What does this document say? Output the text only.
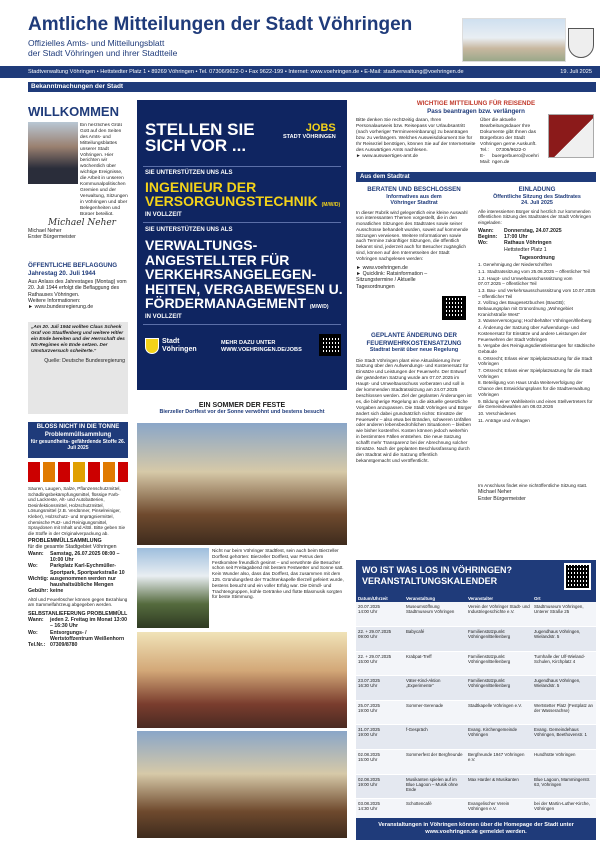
Amtliche Mitteilungen der Stadt Vöhringen
Offizielles Amts- und Mitteilungsblatt
der Stadt Vöhringen und ihrer Stadtteile
Stadtverwaltung Vöhringen • Hettstedter Platz 1 • 89269 Vöhringen • Tel. 07306/9622-0 • Fax 9622-199 • Internet: www.voehringen.de • E-Mail: stadtverwaltung@voehringen.de	19. Juli 2025
Bekanntmachungen der Stadt
WILLKOMMEN
Ein herzliches Grüß Gott auf den Seiten des Amts- und Mitteilungsblattes unserer Stadt Vöhringen. Hier berichten wir wöchentlich über wichtige Ereignisse, die Arbeit in unseren Kommunalpolitischen Gremien und der Verwaltung, Sitzungen in Vöhringen und über Belegenheiten und Bürger beteiligt,
Michael Neher
Michael Neher
Erster Bürgermeister
ÖFFENTLICHE BEFLAGGUNG
Jahrestag 20. Juli 1944
Aus Anlass des Jahrestages (Montag) vom 20. Juli 1944 erfolgt die Beflaggung des Rathauses Vöhringen.
Weitere Informationen:
► www.bundesregierung.de
„Am 20. Juli 1944 wollten Claus Schenk Graf von Stauffenberg und weitere Hitler ein Ende bereiten und der Herrschaft des NS-Regimes ein Ende setzen. Der Umsturzversuch scheiterte.“
Quelle: Deutsche Bundesregierung
BLOSS NICHT IN DIE TONNE
Problemmüllsammlung
für gesundheits- gefährdende Stoffe 26. Juli 2025
Säuren, Laugen, Salze, Pflanzenschutzmittel, Schädlingsbekämpfungsmittel, flüssige Farb- und Lackreste, Alt- und Autobatterien, Desinfektionsmittel, Holzschutzmittel, Lösungsmittel (z.B. Verdünner, Pinselreiniger, Kleber), Holzschutz- und Imprägniermittel, chemische Putz- und Reinigungsmittel, Spraydosen mit Inhalt und Altöl. Bitte geben Sie die Stoffe in der Originalverpackung ab.
PROBLEMMÜLLSAMMLUNG
für die gesamte Stadtgebiet Vöhringen
Wann:	Samstag, 26.07.2025 08:00 – 10:00 Uhr
Wo:	Parkplatz Karl-Eychmüller-Sportpark, Sportparkstraße 10
Wichtig: ausgenommen werden nur haushaltsübliche Mengen
Gebühr: keine
Altöl und Feuerlöscher können gegen Bezahlung am Sammelfahrzeug abgegeben werden.
SELBSTANLIEFERUNG PROBLEMMÜLL
Wann:	jeden 2. Freitag im Monat 13:00 – 16:30 Uhr
Wo:	Entsorgungs- / Wertstoffzentrum Weißenhorn
Tel.Nr.: 07309/8780
STELLEN SIE
SICH VOR ...
JOBS
STADT VÖHRINGEN
SIE UNTERSTÜTZEN UNS ALS
INGENIEUR DER
VERSORGUNGSTECHNIK (M/W/D)
IN VOLLZEIT
SIE UNTERSTÜTZEN UNS ALS
VERWALTUNGS-
ANGESTELLTER FÜR
VERKEHRSANGELEGEN-
HEITEN, VERGABEWESEN U.
FÖRDERMANAGEMENT (M/W/D)
IN VOLLZEIT
Stadt
Vöhringen
MEHR DAZU UNTER
WWW.VOEHRINGEN.DE/JOBS
EIN SOMMER DER FESTE
Bierzeller Dorffest vor der Sonne verwöhnt und bestens besucht
Nicht nur beim Vöhringer Stadtfest, sein auch beim Bierzeller Dorffest gehörten: Bierzeller Dorffest, war Petrus dem Festkomitee freundlich gesinnt – und verwöhnte die Besucher schon seit Freitagabend mit bestem Festwetter und Sonne satt. Kein Wunder also, dass das Dorffest, das zusammen mit dem 125. Gründungsfest der Trachtenkapelle Illerzell gefeiert wurde, bestens besucht und ein voller Erfolg war. Die Dirndl- und Trachtengruppen, kühle Getränke und flotte Blasmusik sorgten für beste Stimmung.
WICHTIGE MITTEILUNG FÜR REISENDE
Pass beantragen bzw. verlängern
Bitte denken Sie rechtzeitig daran, Ihren Personalausweis bzw. Reisepass vor Urlaubsantritt (nach vorheriger Terminvereinbarung) zu beantragen bzw. zu verlängern. Welches Ausweisdokument Sie für Ihr Reiseziel benötigen, können Sie auf der Internetseite des Auswärtigen Amts nachlesen.
► www.auswaertiges-amt.de
Über die aktuelle Bearbeitungsdauer Ihre Dokumente gibt Ihnen das Bürgerbüro der Stadt Vöhringen gerne Auskunft.
Tel.:	07306/9622-0
E-Mail:
buergerbuero@voehringen.de
Aus dem Stadtrat
BERATEN UND BESCHLOSSEN
Informatives aus dem
Vöhringer Stadtrat
In dieser Rubrik wird gelegentlich eine kleine Auswahl von interessanten Themen vorgestellt, die in den monatlichen Sitzungen des Stadtrates sowie seiner Ausschüsse behandelt wurden, soweit auf kommende Sitzungen verwiesen. Weitere Informationen sowie auch Termine zukünftiger Sitzungen, die öffentlich bekannt sind, jederzeit auch für Besucher zugänglich sind, können auf den Internetseiten der Stadt Vöhringen nachgelesen werden:
► www.voehringen.de
► Quicklink: Ratsinformation – Sitzungstermine / Aktuelle Tagesordnungen
GEPLANTE ÄNDERUNG DER FEUERWEHRKOSTENSATZUNG
Stadtrat berät über neue Regelung
Die Stadt Vöhringen plant eine Aktualisierung ihrer Satzung über den Aufwendungs- und Kostenersatz für Einsätze und Leistungen der Feuerwehr. Der Entwurf der geänderten Satzung wurde am 07.07.2025 im Haupt- und Umweltausschuss vorberaten und soll in der kommenden Stadtratssitzung am 24.07.2025 beschlossen werden. Ziel der geplanten Änderungen ist es, die bisherige Regelung an die aktuelle gesetzliche Vorgaben anzupassen. Die Stadt Vöhringen und Bürger ändert sich dabei grundsätzlich nichts: Einsätze der Feuerwehr – also etwa bei Bränden, schweren Unfällen oder anderen lebensbedrohlichen Situationen – bleiben wie bisher kostenfrei. Kosten können jedoch weiterhin in bestimmten Fällen entstehen. Die neue Satzung schafft mehr Transparenz bei der Abrechnung solcher Einsätze. Nach der geplanten Beschlussfassung durch den Stadtrat wird die Satzung öffentlich bekanntgemacht und veröffentlicht.
EINLADUNG
Öffentliche Sitzung des Stadtrates
24. Juli 2025
Alle interessierten Bürger sind herzlich zur kommenden öffentlichen Sitzung des Stadtrates der Stadt Vöhringen eingeladen:
Wann:	Donnerstag, 24.07.2025
Beginn:	17:00 Uhr
Wo:	Rathaus Vöhringen
Hettstedter Platz 1
Tagesordnung
1. Genehmigung der Niederschriften
1.1. Stadtratssitzung vom 25.06.2025 – öffentlicher Teil
1.2. Haupt- und Umweltausschusssitzung vom 07.07.2025 – öffentlicher Teil
1.3. Bau- und Verkehrsausschusssitzung vom 10.07.2025 – öffentlicher Teil
2. Vollzug des Baugesetzbuches (BauGB); Bebauungsplan mit Grünordnung „Wohngebiet Kranichstraße West“
3. Wasserversorgung; Hochbehälter Vöhringen/Illerberg
4. Änderung der Satzung über Aufwendungs- und Kostenersatz für Einsätze und andere Leistungen der Feuerwehren der Stadt Vöhringen
5. Vergabe des Reinigungsdienstleistungen für städtische Gebäude
6. Ortsrecht; Erlass einer Spielplatzsatzung für die Stadt Vöhringen
7. Ortsrecht; Erlass einer Spielplatzsatzung für die Stadt Vöhringen
8. Beteiligung von Haus Unda Weiterverfolgung der Chance des Entwicklungsplans für die Stadtverwaltung Vöhringen
9. Bildung einer Wahlleiterin und eines Stellvertreters für die Gemeindewahlen am 08.03.2026
10. Verschiedenes
11. Anträge und Anfragen
Im Anschluss findet eine nichtöffentliche Sitzung statt.
Michael Neher
Erster Bürgermeister
WO IST WAS LOS IN VÖHRINGEN?
VERANSTALTUNGSKALENDER
Datum/Uhrzeit	Veranstaltung	Veranstalter	Ort
20.07.2025
14:00 Uhr	Museumsöffnung Stadtmuseum Vöhringen	Verein der Vöhringer Stadt- und Industriegeschichte e.V.	Stadtmuseum Vöhringen, Unterer Straße 25
22. + 29.07.2025
09:00 Uhr	Babycafé	Familienstützpunkt Vöhringen/Bellenberg	Jugendhaus Vöhringen, Wielandstr. 5
22. + 29.07.2025
15:00 Uhr	Krabpat-Treff	Familienstützpunkt Vöhringen/Bellenberg	Turnhalle der Ulf-Wieland-Schulen, Kirchplatz 4
23.07.2025
16:30 Uhr	Väter-Kind-Aktion „Experimente“	Familienstützpunkt Vöhringen/Bellenberg	Jugendhaus Vöhringen, Wielandstr. 5
25.07.2025
19:00 Uhr	Sommer-Serenade	Stadtkapelle Vöhringen e.V.	Wertstetter Platz (Festplatz an der Wasserachse)
31.07.2025
19:00 Uhr	f-Gespräch	Evang. Kirchengemeinde Vöhringen	Evang. Gemeindehaus Vöhringen, Beethovenstr. 1
02.08.2025
15:00 Uhr	Sommerfest der Bergfreunde	Bergfreunde 1947 Vöhringen e.V.	Hundhütte Vöhringen
02.08.2025
19:00 Uhr	Musikanten spielen auf im Blue Lagoon – Musik ohne Ende	Max Harder & Musikanten	Blue Lagoon, Mammingerstr. 63, Vöhringen
03.08.2025
14:30 Uhr	Schottencafé	Evangelischer Verein Vöhringen e.V.	bei der Martin-Luther-Kirche, Vöhringen
Veranstaltungen in Vöhringen können über die Homepage der Stadt unter
www.voehringen.de gemeldet werden.
